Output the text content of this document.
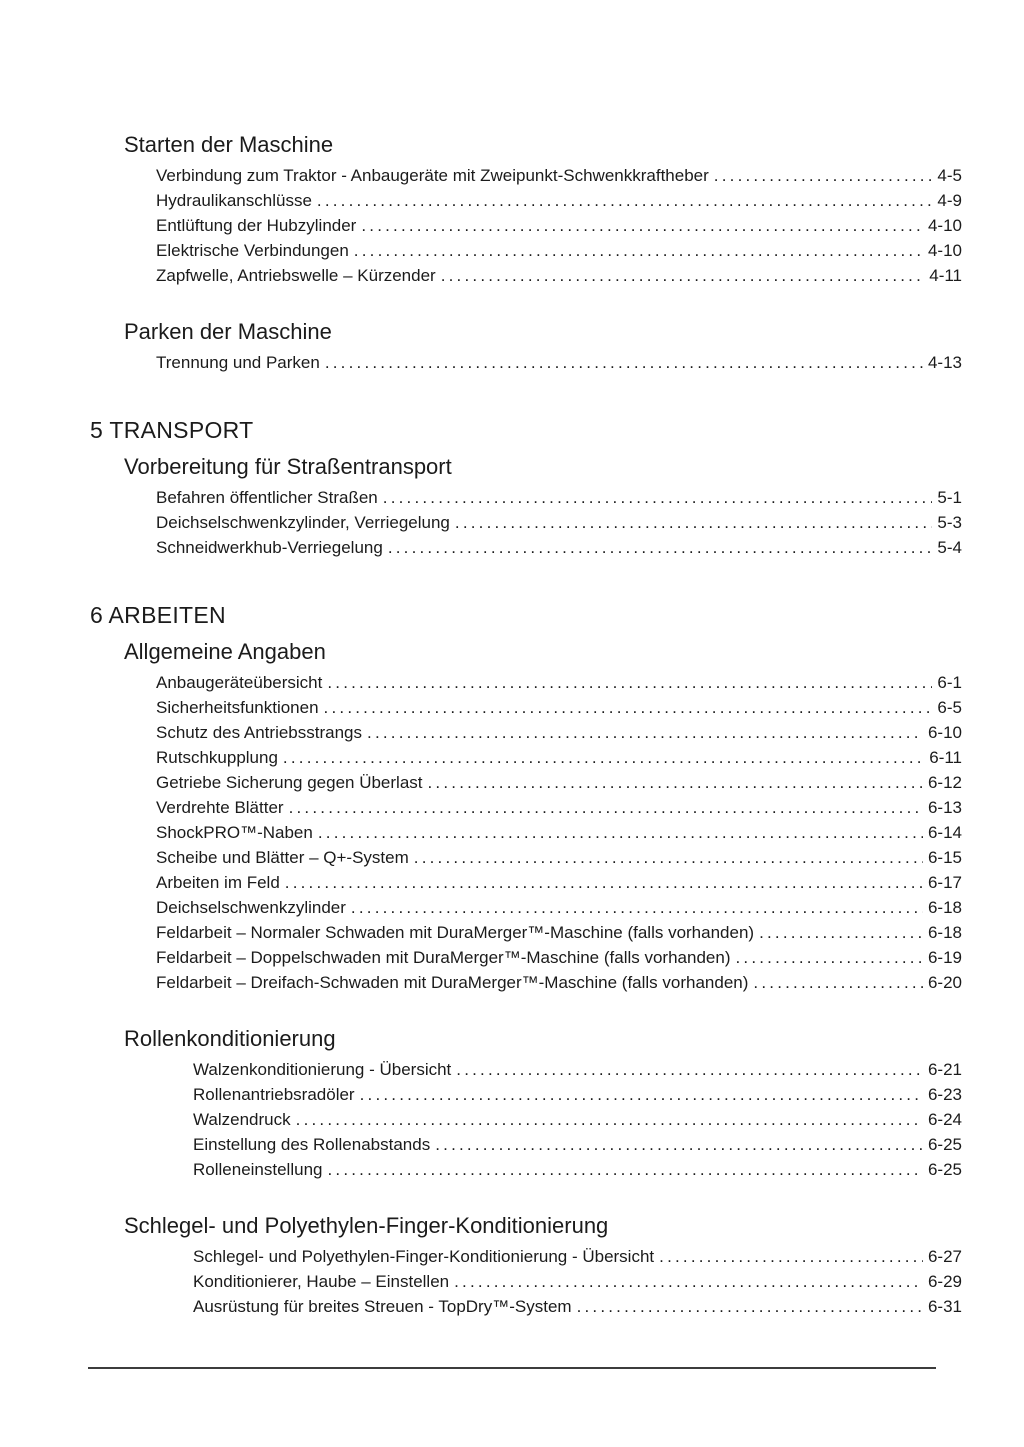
Starten der Maschine
Verbindung zum Traktor - Anbaugeräte mit Zweipunkt-Schwenkkraftheber .....	4-5
Hydraulikanschlüsse .....	4-9
Entlüftung der Hubzylinder .....	4-10
Elektrische Verbindungen .....	4-10
Zapfwelle, Antriebswelle – Kürzender .....	4-11
Parken der Maschine
Trennung und Parken .....	4-13
5 TRANSPORT
Vorbereitung für Straßentransport
Befahren öffentlicher Straßen .....	5-1
Deichselschwenkzylinder, Verriegelung .....	5-3
Schneidwerkhub-Verriegelung .....	5-4
6 ARBEITEN
Allgemeine Angaben
Anbaugeräteübersicht .....	6-1
Sicherheitsfunktionen .....	6-5
Schutz des Antriebsstrangs .....	6-10
Rutschkupplung .....	6-11
Getriebe Sicherung gegen Überlast .....	6-12
Verdrehte Blätter .....	6-13
ShockPRO™-Naben .....	6-14
Scheibe und Blätter – Q+-System .....	6-15
Arbeiten im Feld .....	6-17
Deichselschwenkzylinder .....	6-18
Feldarbeit – Normaler Schwaden mit DuraMerger™-Maschine (falls vorhanden) .....	6-18
Feldarbeit – Doppelschwaden mit DuraMerger™-Maschine (falls vorhanden) .....	6-19
Feldarbeit – Dreifach-Schwaden mit DuraMerger™-Maschine (falls vorhanden) .....	6-20
Rollenkonditionierung
Walzenkonditionierung - Übersicht .....	6-21
Rollenantriebsradöler .....	6-23
Walzendruck .....	6-24
Einstellung des Rollenabstands .....	6-25
Rolleneinstellung .....	6-25
Schlegel- und Polyethylen-Finger-Konditionierung
Schlegel- und Polyethylen-Finger-Konditionierung - Übersicht .....	6-27
Konditionierer, Haube – Einstellen .....	6-29
Ausrüstung für breites Streuen - TopDry™-System .....	6-31
